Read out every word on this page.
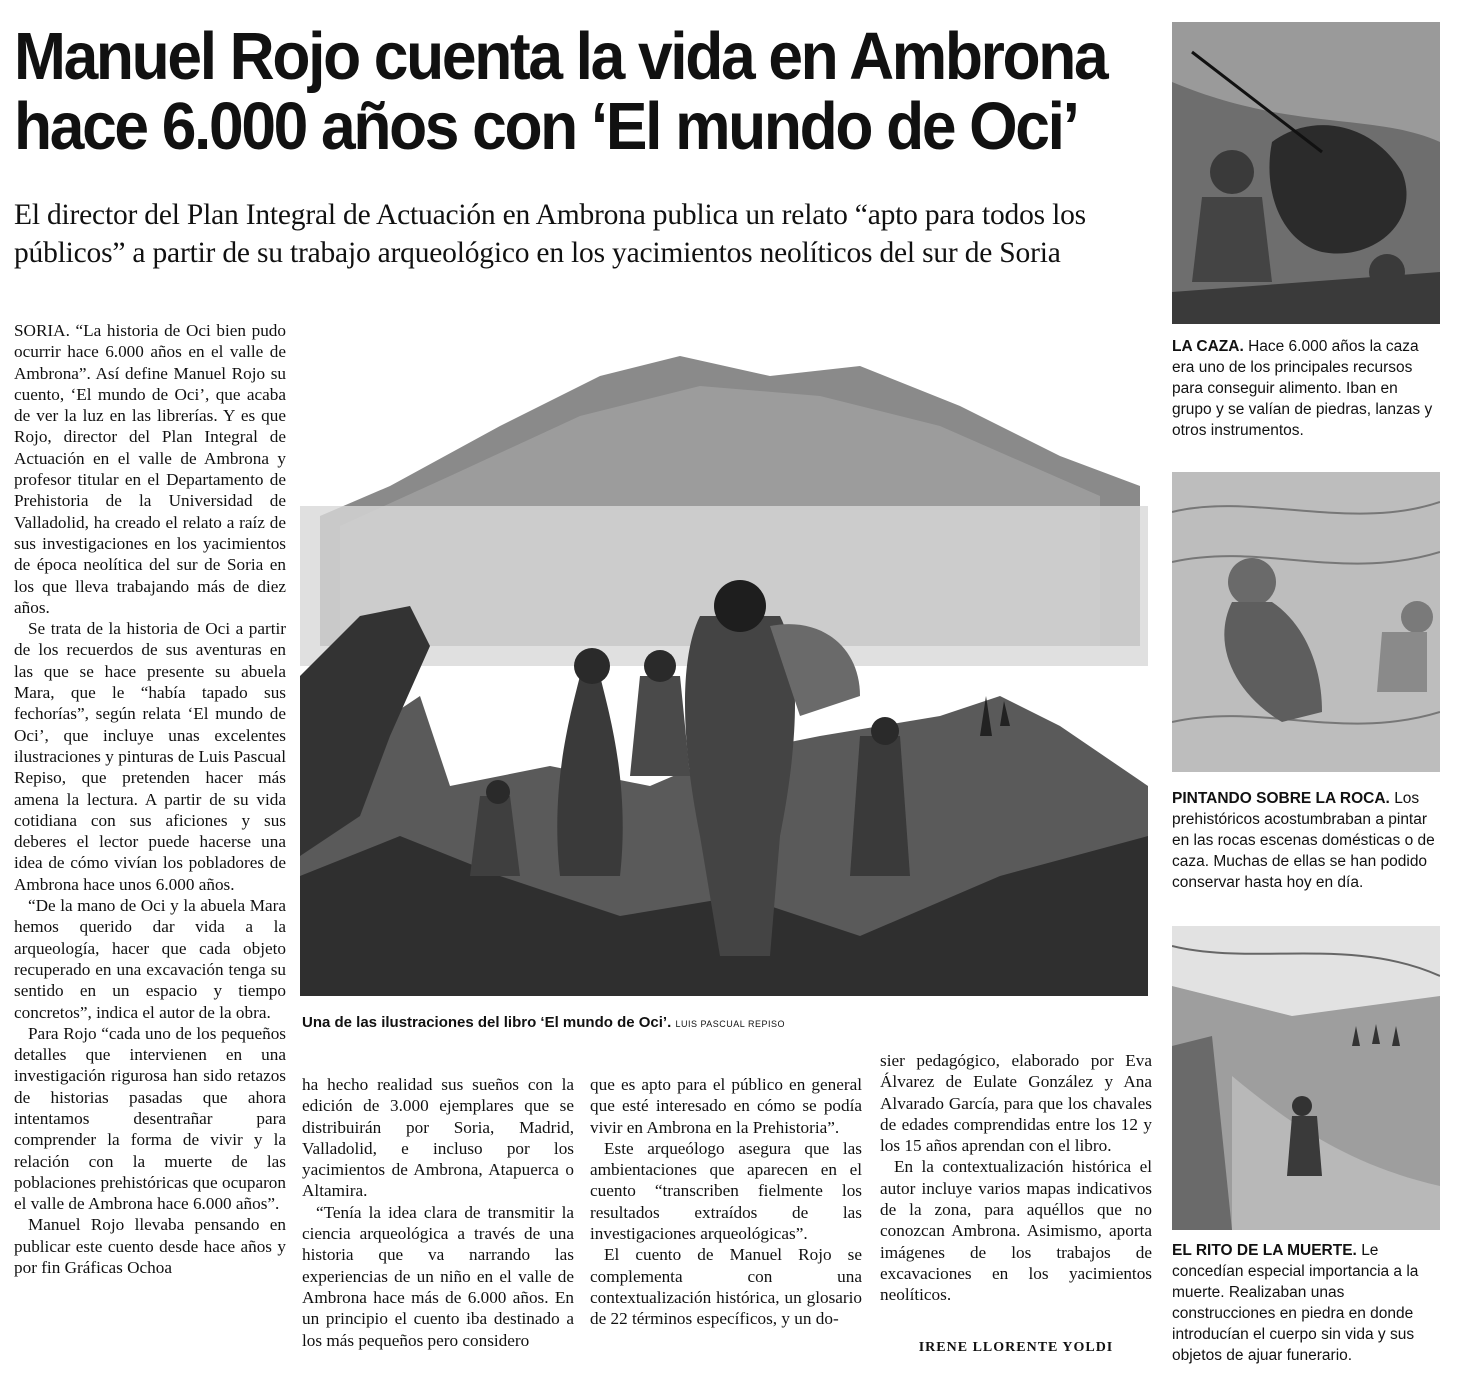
Manuel Rojo cuenta la vida en Ambrona
hace 6.000 años con ‘El mundo de Oci’
El director del Plan Integral de Actuación en Ambrona publica un relato “apto para todos los públicos” a partir de su trabajo arqueológico en los yacimientos neolíticos del sur de Soria

SORIA. “La historia de Oci bien pudo ocurrir hace 6.000 años en el valle de Ambrona”. Así define Manuel Rojo su cuento, ‘El mundo de Oci’, que acaba de ver la luz en las librerías. Y es que Rojo, director del Plan Integral de Actuación en el valle de Ambrona y profesor titular en el Departamento de Prehistoria de la Universidad de Valladolid, ha creado el relato a raíz de sus investigaciones en los yacimientos de época neolítica del sur de Soria en los que lleva trabajando más de diez años.

Se trata de la historia de Oci a partir de los recuerdos de sus aventuras en las que se hace presente su abuela Mara, que le “había tapado sus fechorías”, según relata ‘El mundo de Oci’, que incluye unas excelentes ilustraciones y pinturas de Luis Pascual Repiso, que pretenden hacer más amena la lectura. A partir de su vida cotidiana con sus aficiones y sus deberes el lector puede hacerse una idea de cómo vivían los pobladores de Ambrona hace unos 6.000 años.

“De la mano de Oci y la abuela Mara hemos querido dar vida a la arqueología, hacer que cada objeto recuperado en una excavación tenga su sentido en un espacio y tiempo concretos”, indica el autor de la obra.

Para Rojo “cada uno de los pequeños detalles que intervienen en una investigación rigurosa han sido retazos de historias pasadas que ahora intentamos desentrañar para comprender la forma de vivir y la relación con la muerte de las poblaciones prehistóricas que ocuparon el valle de Ambrona hace 6.000 años”.

Manuel Rojo llevaba pensando en publicar este cuento desde hace años y por fin Gráficas Ochoa

Una de las ilustraciones del libro ‘El mundo de Oci’. LUIS PASCUAL REPISO

ha hecho realidad sus sueños con la edición de 3.000 ejemplares que se distribuirán por Soria, Madrid, Valladolid, e incluso por los yacimientos de Ambrona, Atapuerca o Altamira.

“Tenía la idea clara de transmitir la ciencia arqueológica a través de una historia que va narrando las experiencias de un niño en el valle de Ambrona hace más de 6.000 años. En un principio el cuento iba destinado a los más pequeños pero considero

que es apto para el público en general que esté interesado en cómo se podía vivir en Ambrona en la Prehistoria”.

Este arqueólogo asegura que las ambientaciones que aparecen en el cuento “transcriben fielmente los resultados extraídos de las investigaciones arqueológicas”.

El cuento de Manuel Rojo se complementa con una contextualización histórica, un glosario de 22 términos específicos, y un do-

sier pedagógico, elaborado por Eva Álvarez de Eulate González y Ana Alvarado García, para que los chavales de edades comprendidas entre los 12 y los 15 años aprendan con el libro.

En la contextualización histórica el autor incluye varios mapas indicativos de la zona, para aquéllos que no conozcan Ambrona. Asimismo, aporta imágenes de los trabajos de excavaciones en los yacimientos neolíticos.

IRENE LLORENTE YOLDI
LA CAZA. Hace 6.000 años la caza era uno de los principales recursos para conseguir alimento. Iban en grupo y se valían de piedras, lanzas y otros instrumentos.
PINTANDO SOBRE LA ROCA. Los prehistóricos acostumbraban a pintar en las rocas escenas domésticas o de caza. Muchas de ellas se han podido conservar hasta hoy en día.
EL RITO DE LA MUERTE. Le concedían especial importancia a la muerte. Realizaban unas construcciones en piedra en donde introducían el cuerpo sin vida y sus objetos de ajuar funerario.
